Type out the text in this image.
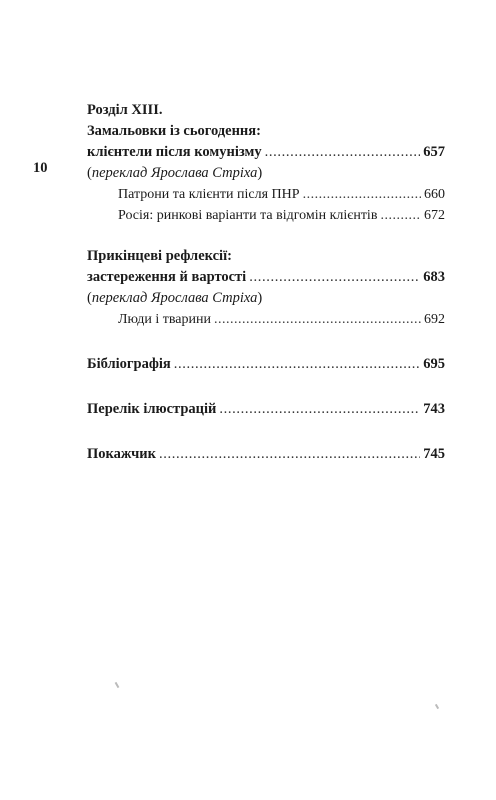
10
Розділ XIII.
Замальовки із сьогодення:
клієнтели після комунізму . . .	657
( переклад Ярослава Стріха )
Патрони та клієнти після ПНР . . .	660
Росія: ринкові варіанти та відгомін клієнтів . . .	672
Прикінцеві рефлексії:
застереження й вартості . . .	683
( переклад Ярослава Стріха )
Люди і тварини . . .	692
Бібліографія . . .	695
Перелік ілюстрацій . . .	743
Покажчик . . .	745
